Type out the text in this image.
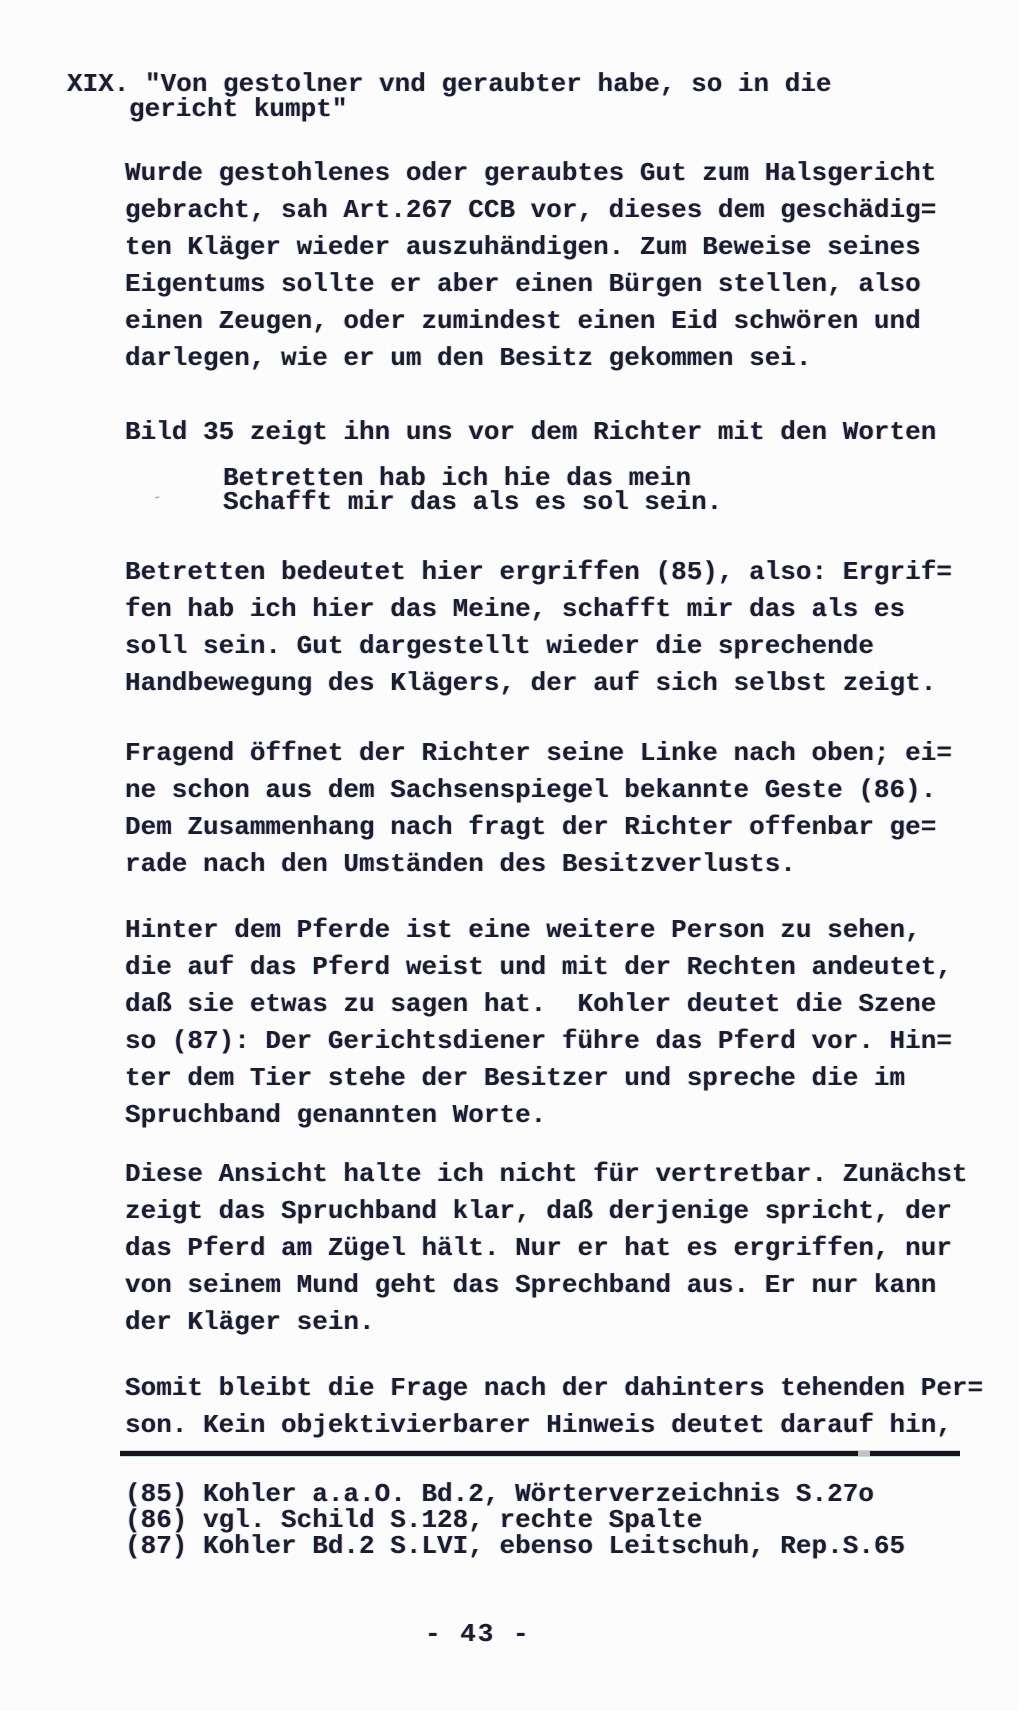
XIX. "Von gestolner vnd geraubter habe, so in die
gericht kumpt"
Wurde gestohlenes oder geraubtes Gut zum Halsgericht
gebracht, sah Art.267 CCB vor, dieses dem geschädig=
ten Kläger wieder auszuhändigen. Zum Beweise seines
Eigentums sollte er aber einen Bürgen stellen, also
einen Zeugen, oder zumindest einen Eid schwören und
darlegen, wie er um den Besitz gekommen sei.
Bild 35 zeigt ihn uns vor dem Richter mit den Worten
Betretten hab ich hie das mein
Schafft mir das als es sol sein.
´
Betretten bedeutet hier ergriffen (85), also: Ergrif=
fen hab ich hier das Meine, schafft mir das als es
soll sein. Gut dargestellt wieder die sprechende
Handbewegung des Klägers, der auf sich selbst zeigt.
Fragend öffnet der Richter seine Linke nach oben; ei=
ne schon aus dem Sachsenspiegel bekannte Geste (86).
Dem Zusammenhang nach fragt der Richter offenbar ge=
rade nach den Umständen des Besitzverlusts.
Hinter dem Pferde ist eine weitere Person zu sehen,
die auf das Pferd weist und mit der Rechten andeutet,
daß sie etwas zu sagen hat.  Kohler deutet die Szene
so (87): Der Gerichtsdiener führe das Pferd vor. Hin=
ter dem Tier stehe der Besitzer und spreche die im
Spruchband genannten Worte.
Diese Ansicht halte ich nicht für vertretbar. Zunächst
zeigt das Spruchband klar, daß derjenige spricht, der
das Pferd am Zügel hält. Nur er hat es ergriffen, nur
von seinem Mund geht das Sprechband aus. Er nur kann
der Kläger sein.
Somit bleibt die Frage nach der dahinters tehenden Per=
son. Kein objektivierbarer Hinweis deutet darauf hin,
(85) Kohler a.a.O. Bd.2, Wörterverzeichnis S.27o
(86) vgl. Schild S.128, rechte Spalte
(87) Kohler Bd.2 S.LVI, ebenso Leitschuh, Rep.S.65
- 43 -
